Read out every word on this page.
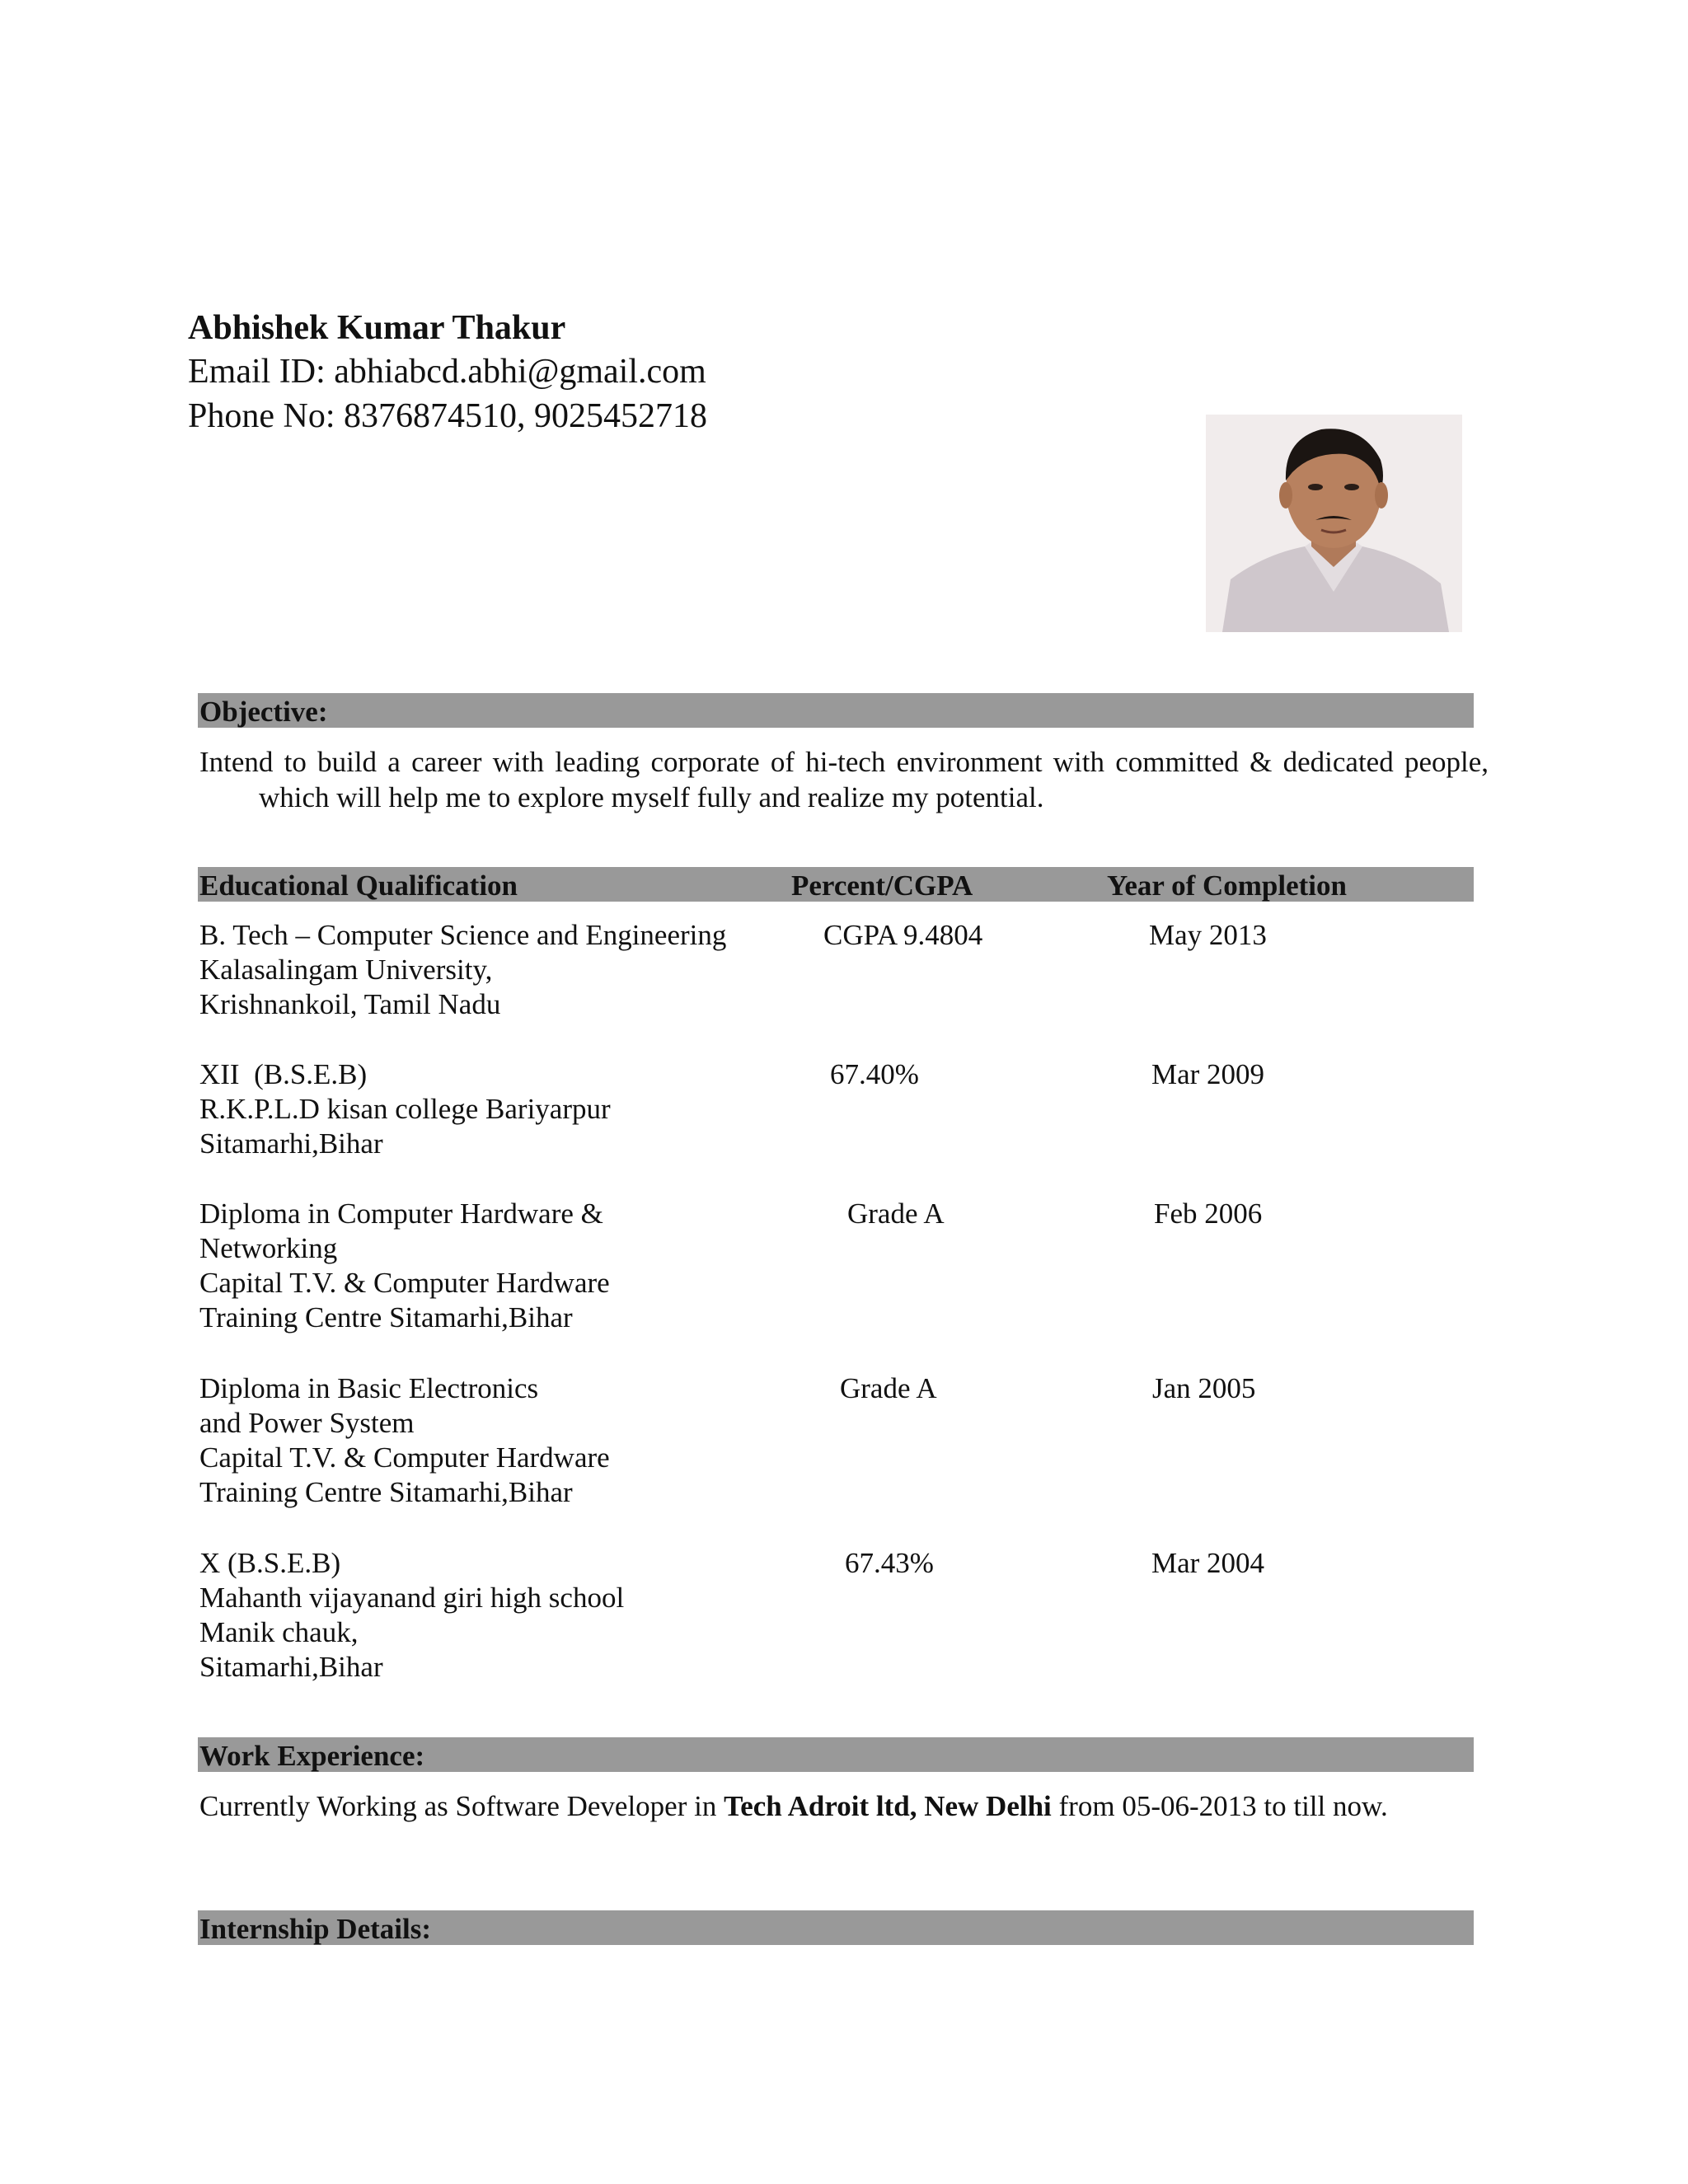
Abhishek Kumar Thakur
Email ID: abhiabcd.abhi@gmail.com
Phone No: 8376874510, 9025452718
Objective:
Intend to build a career with leading corporate of hi-tech environment with committed & dedicated people, which will help me to explore myself fully and realize my potential.
Educational Qualification	Percent/CGPA	Year of Completion
B. Tech – Computer Science and Engineering
Kalasalingam University,
Krishnankoil, Tamil Nadu
CGPA 9.4804	May 2013
XII  (B.S.E.B)
R.K.P.L.D kisan college Bariyarpur
Sitamarhi,Bihar
67.40%	Mar 2009
Diploma in Computer Hardware &
Networking
Capital T.V. & Computer Hardware
Training Centre Sitamarhi,Bihar
Grade A	Feb 2006
Diploma in Basic Electronics
and Power System
Capital T.V. & Computer Hardware
Training Centre Sitamarhi,Bihar
Grade A	Jan 2005
X (B.S.E.B)
Mahanth vijayanand giri high school
Manik chauk,
Sitamarhi,Bihar
67.43%	Mar 2004
Work Experience:
Currently Working as Software Developer in Tech Adroit ltd, New Delhi from 05-06-2013 to till now.
Internship Details:
